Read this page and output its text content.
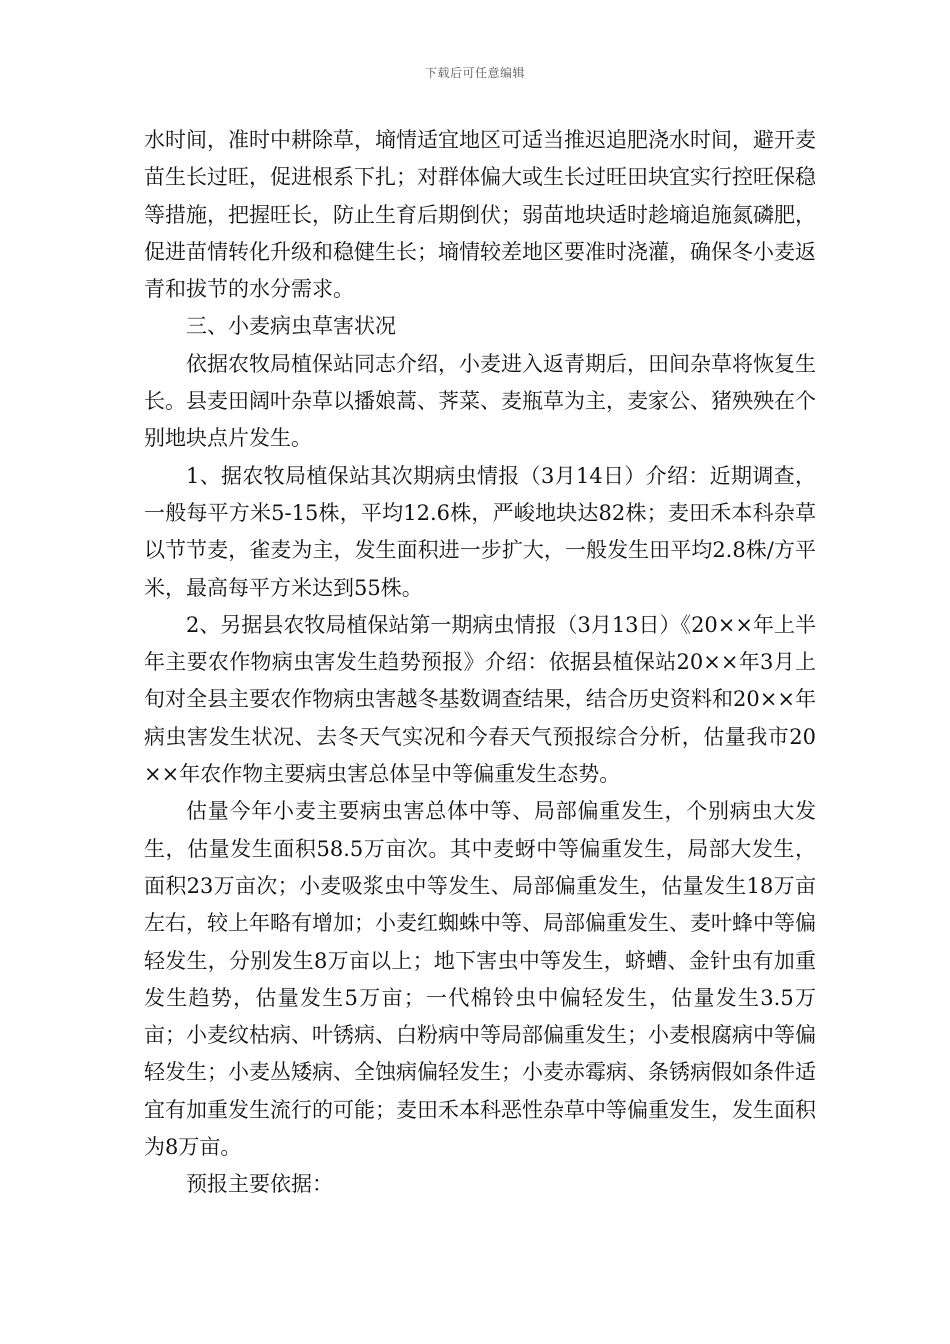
下载后可任意编辑

水时间，准时中耕除草，墒情适宜地区可适当推迟追肥浇水时间，避开麦苗生长过旺，促进根系下扎；对群体偏大或生长过旺田块宜实行控旺保稳等措施，把握旺长，防止生育后期倒伏；弱苗地块适时趁墒追施氮磷肥，促进苗情转化升级和稳健生长；墒情较差地区要准时浇灌，确保冬小麦返青和拔节的水分需求。

三、小麦病虫草害状况

依据农牧局植保站同志介绍，小麦进入返青期后，田间杂草将恢复生长。县麦田阔叶杂草以播娘蒿、荠菜、麦瓶草为主，麦家公、猪殃殃在个别地块点片发生。

1、据农牧局植保站其次期病虫情报（3月14日）介绍：近期调查，一般每平方米5-15株，平均12.6株，严峻地块达82株；麦田禾本科杂草以节节麦，雀麦为主，发生面积进一步扩大，一般发生田平均2.8株/方平米，最高每平方米达到55株。

2、另据县农牧局植保站第一期病虫情报（3月13日）《20××年上半年主要农作物病虫害发生趋势预报》介绍：依据县植保站20××年3月上旬对全县主要农作物病虫害越冬基数调查结果，结合历史资料和20××年病虫害发生状况、去冬天气实况和今春天气预报综合分析，估量我市20××年农作物主要病虫害总体呈中等偏重发生态势。

估量今年小麦主要病虫害总体中等、局部偏重发生，个别病虫大发生，估量发生面积58.5万亩次。其中麦蚜中等偏重发生，局部大发生，面积23万亩次；小麦吸浆虫中等发生、局部偏重发生，估量发生18万亩左右，较上年略有增加；小麦红蜘蛛中等、局部偏重发生、麦叶蜂中等偏轻发生，分别发生8万亩以上；地下害虫中等发生，蛴螬、金针虫有加重发生趋势，估量发生5万亩；一代棉铃虫中偏轻发生，估量发生3.5万亩；小麦纹枯病、叶锈病、白粉病中等局部偏重发生；小麦根腐病中等偏轻发生；小麦丛矮病、全蚀病偏轻发生；小麦赤霉病、条锈病假如条件适宜有加重发生流行的可能；麦田禾本科恶性杂草中等偏重发生，发生面积为8万亩。

预报主要依据：
